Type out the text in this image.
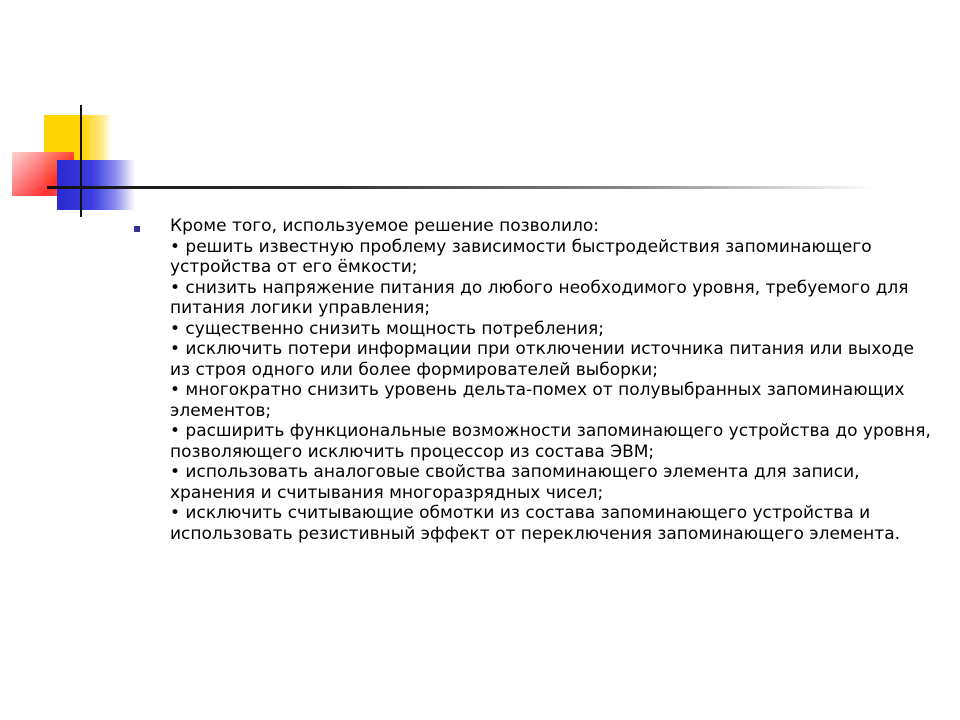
Кроме того, используемое решение позволило:
• решить известную проблему зависимости быстродействия запоминающего устройства от его ёмкости;
• снизить напряжение питания до любого необходимого уровня, требуемого для питания логики управления;
• существенно снизить мощность потребления;
• исключить потери информации при отключении источника питания или выходе из строя одного или более формирователей выборки;
• многократно снизить уровень дельта-помех от полувыбранных запоминающих элементов;
• расширить функциональные возможности запоминающего устройства до уровня, позволяющего исключить процессор из состава ЭВМ;
• использовать аналоговые свойства запоминающего элемента для записи, хранения и считывания многоразрядных чисел;
• исключить считывающие обмотки из состава запоминающего устройства и использовать резистивный эффект от переключения запоминающего элемента.
